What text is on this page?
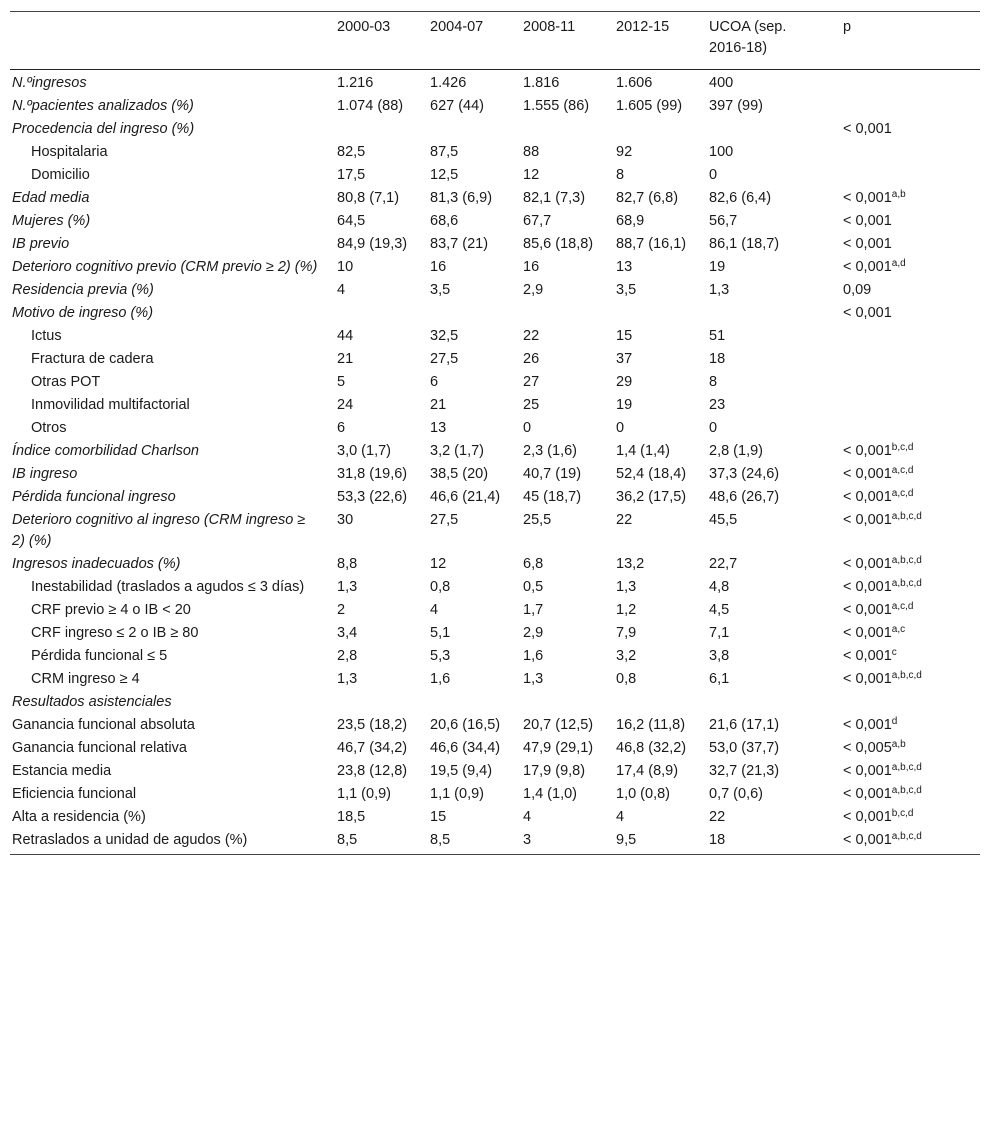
	2000-03	2004-07	2008-11	2012-15	UCOA (sep. 2016-18)	p
N.ºingresos	1.216	1.426	1.816	1.606	400	
N.ºpacientes analizados (%)	1.074 (88)	627 (44)	1.555 (86)	1.605 (99)	397 (99)	
Procedencia del ingreso (%)						< 0,001
Hospitalaria	82,5	87,5	88	92	100	
Domicilio	17,5	12,5	12	8	0	
Edad media	80,8 (7,1)	81,3 (6,9)	82,1 (7,3)	82,7 (6,8)	82,6 (6,4)	< $0,001^{a,b}$
Mujeres (%)	64,5	68,6	67,7	68,9	56,7	< 0,001
IB previo	84,9 (19,3)	83,7 (21)	85,6 (18,8)	88,7 (16,1)	86,1 (18,7)	< 0,001
Deterioro cognitivo previo (CRM previo ≥ 2) (%)	10	16	16	13	19	< $0,001^{a,d}$
Residencia previa (%)	4	3,5	2,9	3,5	1,3	0,09
Motivo de ingreso (%)						< 0,001
Ictus	44	32,5	22	15	51	
Fractura de cadera	21	27,5	26	37	18	
Otras POT	5	6	27	29	8	
Inmovilidad multifactorial	24	21	25	19	23	
Otros	6	13	0	0	0	
Índice comorbilidad Charlson	3,0 (1,7)	3,2 (1,7)	2,3 (1,6)	1,4 (1,4)	2,8 (1,9)	< $0,001^{b,c,d}$
IB ingreso	31,8 (19,6)	38,5 (20)	40,7 (19)	52,4 (18,4)	37,3 (24,6)	< $0,001^{a,c,d}$
Pérdida funcional ingreso	53,3 (22,6)	46,6 (21,4)	45 (18,7)	36,2 (17,5)	48,6 (26,7)	< $0,001^{a,c,d}$
Deterioro cognitivo al ingreso (CRM ingreso ≥ 2) (%)	30	27,5	25,5	22	45,5	< $0,001^{a,b,c,d}$
Ingresos inadecuados (%)	8,8	12	6,8	13,2	22,7	< $0,001^{a,b,c,d}$
Inestabilidad (traslados a agudos ≤ 3 días)	1,3	0,8	0,5	1,3	4,8	< $0,001^{a,b,c,d}$
CRF previo ≥ 4 o IB < 20	2	4	1,7	1,2	4,5	< $0,001^{a,c,d}$
CRF ingreso ≤ 2 o IB ≥ 80	3,4	5,1	2,9	7,9	7,1	< $0,001^{a,c}$
Pérdida funcional ≤ 5	2,8	5,3	1,6	3,2	3,8	< 0,001$^c$
CRM ingreso ≥ 4	1,3	1,6	1,3	0,8	6,1	< $0,001^{a,b,c,d}$
Resultados asistenciales						
Ganancia funcional absoluta	23,5 (18,2)	20,6 (16,5)	20,7 (12,5)	16,2 (11,8)	21,6 (17,1)	< 0,001$^d$
Ganancia funcional relativa	46,7 (34,2)	46,6 (34,4)	47,9 (29,1)	46,8 (32,2)	53,0 (37,7)	< $0,005^{a,b}$
Estancia media	23,8 (12,8)	19,5 (9,4)	17,9 (9,8)	17,4 (8,9)	32,7 (21,3)	< $0,001^{a,b,c,d}$
Eficiencia funcional	1,1 (0,9)	1,1 (0,9)	1,4 (1,0)	1,0 (0,8)	0,7 (0,6)	< $0,001^{a,b,c,d}$
Alta a residencia (%)	18,5	15	4	4	22	< $0,001^{b,c,d}$
Retraslados a unidad de agudos (%)	8,5	8,5	3	9,5	18	< $0,001^{a,b,c,d}$
